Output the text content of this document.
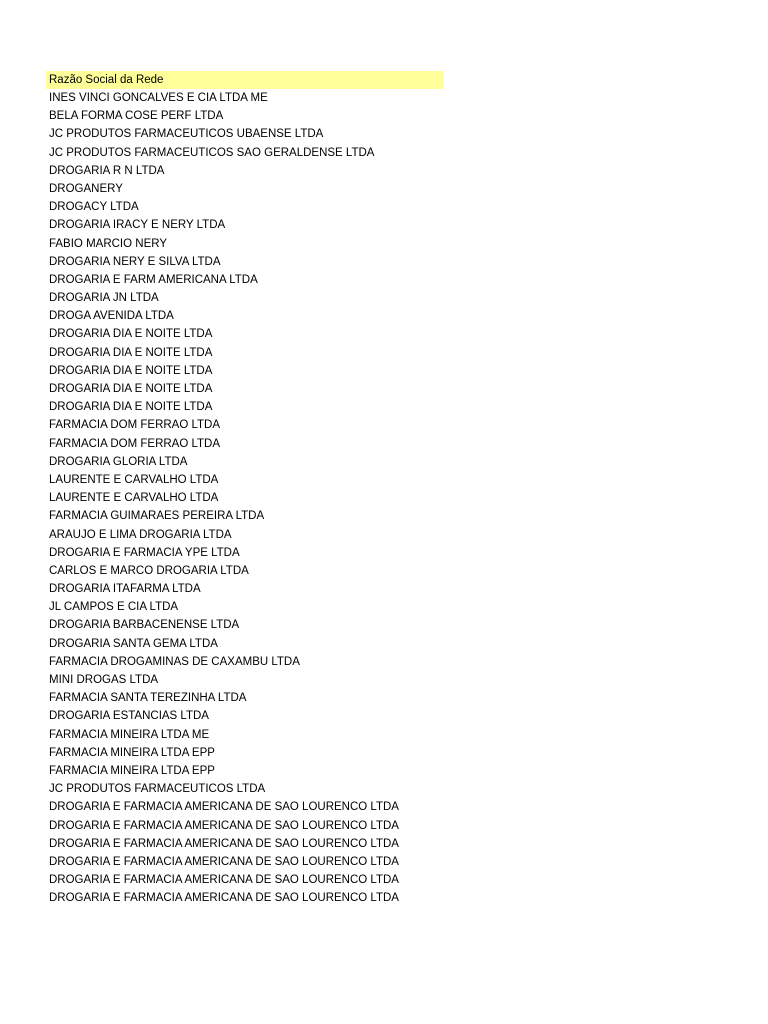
Razão Social da Rede
INES VINCI GONCALVES E CIA LTDA ME
BELA FORMA COSE PERF LTDA
JC PRODUTOS FARMACEUTICOS UBAENSE LTDA
JC PRODUTOS FARMACEUTICOS SAO GERALDENSE LTDA
DROGARIA R N LTDA
DROGANERY
DROGACY LTDA
DROGARIA IRACY E NERY LTDA
FABIO MARCIO NERY
DROGARIA NERY E SILVA LTDA
DROGARIA E FARM AMERICANA LTDA
DROGARIA JN LTDA
DROGA AVENIDA LTDA
DROGARIA DIA E NOITE LTDA
DROGARIA DIA E NOITE LTDA
DROGARIA DIA E NOITE LTDA
DROGARIA DIA E NOITE LTDA
DROGARIA DIA E NOITE LTDA
FARMACIA DOM FERRAO LTDA
FARMACIA DOM FERRAO LTDA
DROGARIA GLORIA LTDA
LAURENTE E CARVALHO LTDA
LAURENTE E CARVALHO LTDA
FARMACIA GUIMARAES PEREIRA LTDA
ARAUJO E LIMA DROGARIA LTDA
DROGARIA E FARMACIA YPE LTDA
CARLOS E MARCO DROGARIA LTDA
DROGARIA ITAFARMA LTDA
JL CAMPOS E CIA LTDA
DROGARIA BARBACENENSE LTDA
DROGARIA SANTA GEMA LTDA
FARMACIA DROGAMINAS DE CAXAMBU LTDA
MINI DROGAS LTDA
FARMACIA SANTA TEREZINHA LTDA
DROGARIA ESTANCIAS LTDA
FARMACIA MINEIRA LTDA ME
FARMACIA MINEIRA LTDA EPP
FARMACIA MINEIRA LTDA EPP
JC PRODUTOS FARMACEUTICOS LTDA
DROGARIA E FARMACIA AMERICANA DE SAO LOURENCO LTDA
DROGARIA E FARMACIA AMERICANA DE SAO LOURENCO LTDA
DROGARIA E FARMACIA AMERICANA DE SAO LOURENCO LTDA
DROGARIA E FARMACIA AMERICANA DE SAO LOURENCO LTDA
DROGARIA E FARMACIA AMERICANA DE SAO LOURENCO LTDA
DROGARIA E FARMACIA AMERICANA DE SAO LOURENCO LTDA
